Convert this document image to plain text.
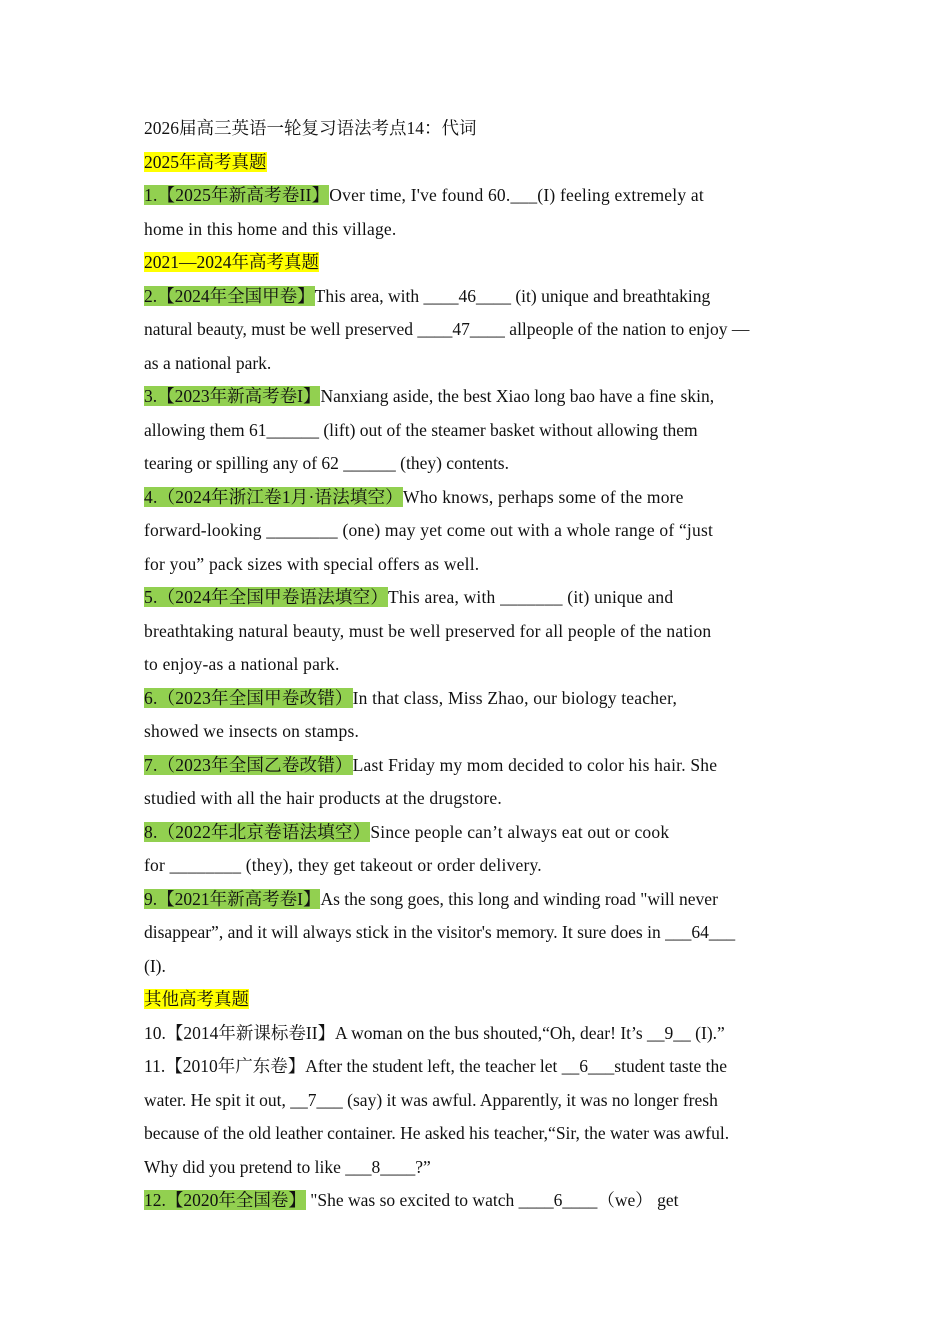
2026届高三英语一轮复习语法考点14：代词
2025年高考真题
1.【2025年新高考卷II】Over time, I've found 60.___(I) feeling extremely at
home in this home and this village.
2021—2024年高考真题
2.【2024年全国甲卷】This area, with ____46____ (it) unique and breathtaking
natural beauty, must be well preserved ____47____ allpeople of the nation to enjoy —
as a national park.
3.【2023年新高考卷I】Nanxiang aside, the best Xiao long bao have a fine skin,
allowing them 61______ (lift) out of the steamer basket without allowing them
tearing or spilling any of 62 ______ (they) contents.
4.（2024年浙江卷1月·语法填空）Who knows, perhaps some of the more
forward-looking ________ (one) may yet come out with a whole range of “just
for you” pack sizes with special offers as well.
5.（2024年全国甲卷语法填空）This area, with _______ (it) unique and
breathtaking natural beauty, must be well preserved for all people of the nation
to enjoy-as a national park.
6.（2023年全国甲卷改错）In that class, Miss Zhao, our biology teacher,
showed we insects on stamps.
7.（2023年全国乙卷改错）Last Friday my mom decided to color his hair. She
studied with all the hair products at the drugstore.
8.（2022年北京卷语法填空）Since people can’t always eat out or cook
for ________ (they), they get takeout or order delivery.
9.【2021年新高考卷I】As the song goes, this long and winding road "will never
disappear”, and it will always stick in the visitor's memory. It sure does in ___64___
(I).
其他高考真题
10.【2014年新课标卷II】A woman on the bus shouted,“Oh, dear! It’s __9__ (I).”
11.【2010年广东卷】After the student left, the teacher let __6___student taste the
water. He spit it out, __7___ (say) it was awful. Apparently, it was no longer fresh
because of the old leather container. He asked his teacher,“Sir, the water was awful.
Why did you pretend to like ___8____?”
12.【2020年全国卷】 "She was so excited to watch ____6____（we） get
